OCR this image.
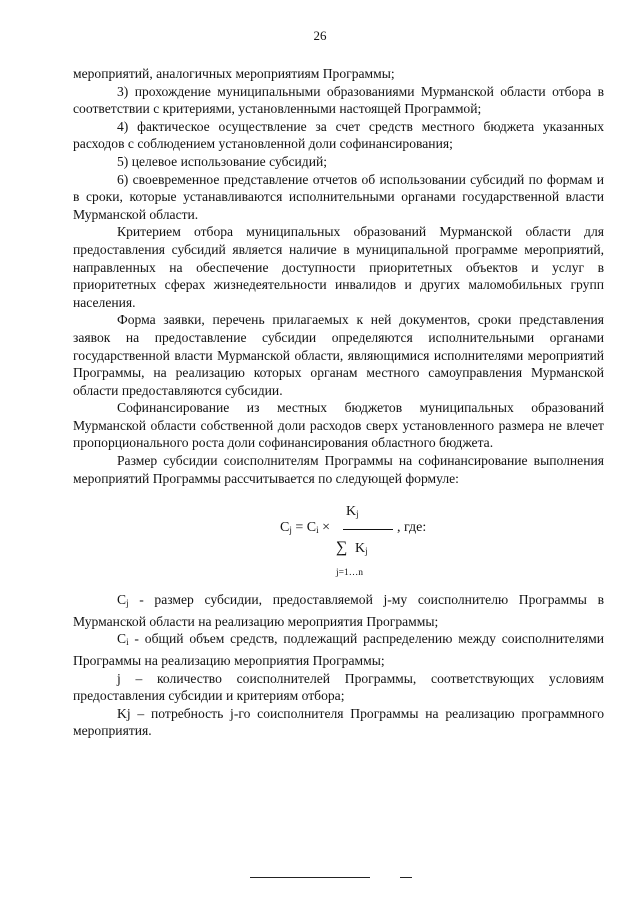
26

мероприятий, аналогичных мероприятиям Программы;

3) прохождение муниципальными образованиями Мурманской области отбора в соответствии с критериями, установленными настоящей Программой;

4) фактическое осуществление за счет средств местного бюджета указанных расходов с соблюдением установленной доли софинансирования;

5) целевое использование субсидий;

6) своевременное представление отчетов об использовании субсидий по формам и в сроки, которые устанавливаются исполнительными органами государственной власти Мурманской области.

Критерием отбора муниципальных образований Мурманской области для предоставления субсидий является наличие в муниципальной программе мероприятий, направленных на обеспечение доступности приоритетных объектов и услуг в приоритетных сферах жизнедеятельности инвалидов и других маломобильных групп населения.

Форма заявки, перечень прилагаемых к ней документов, сроки представления заявок на предоставление субсидии определяются исполнительными органами государственной власти Мурманской области, являющимися исполнителями мероприятий Программы, на реализацию которых органам местного самоуправления Мурманской области предоставляются субсидии.

Софинансирование из местных бюджетов муниципальных образований Мурманской области собственной доли расходов сверх установленного размера не влечет пропорционального роста доли софинансирования областного бюджета.

Размер субсидии соисполнителям Программы на софинансирование выполнения мероприятий Программы рассчитывается по следующей формуле:

$K_j$
$C_j = C_i$ ×	, где:
∑ $K_j$
j=1…n

$C_j$ - размер субсидии, предоставляемой j-му соисполнителю Программы в Мурманской области на реализацию мероприятия Программы;

$C_i$ - общий объем средств, подлежащий распределению между соисполнителями Программы на реализацию мероприятия Программы;

j – количество соисполнителей Программы, соответствующих условиям предоставления субсидии и критериям отбора;

Kj – потребность j-го соисполнителя Программы на реализацию программного мероприятия.
